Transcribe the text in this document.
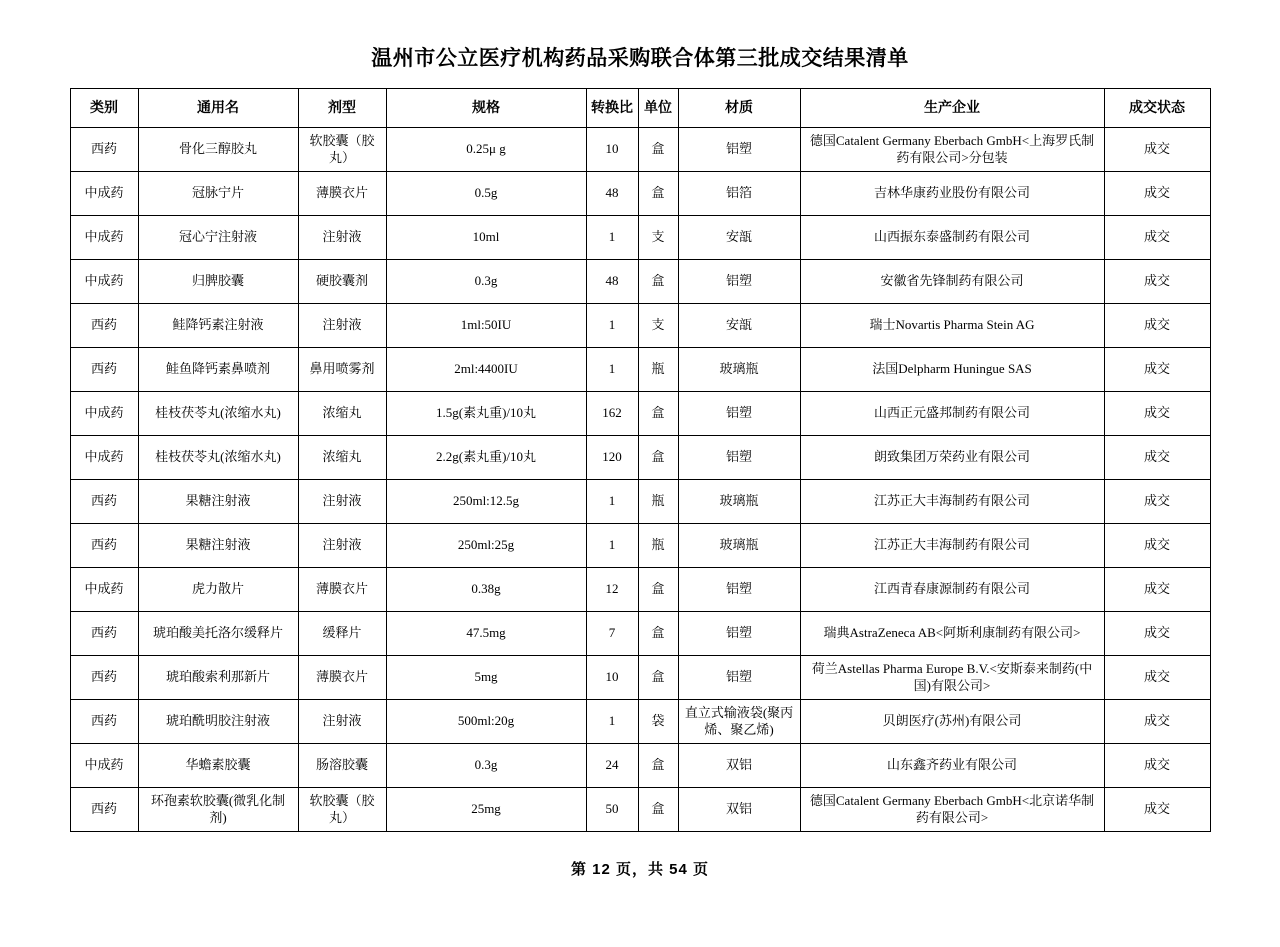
温州市公立医疗机构药品采购联合体第三批成交结果清单
类别	通用名	剂型	规格	转换比	单位	材质	生产企业	成交状态
西药	骨化三醇胶丸	软胶囊（胶丸）	0.25μ g	10	盒	铝塑	德国Catalent Germany Eberbach GmbH<上海罗氏制药有限公司>分包装	成交
中成药	冠脉宁片	薄膜衣片	0.5g	48	盒	铝箔	吉林华康药业股份有限公司	成交
中成药	冠心宁注射液	注射液	10ml	1	支	安瓿	山西振东泰盛制药有限公司	成交
中成药	归脾胶囊	硬胶囊剂	0.3g	48	盒	铝塑	安徽省先锋制药有限公司	成交
西药	鲑降钙素注射液	注射液	1ml:50IU	1	支	安瓿	瑞士Novartis Pharma Stein AG	成交
西药	鲑鱼降钙素鼻喷剂	鼻用喷雾剂	2ml:4400IU	1	瓶	玻璃瓶	法国Delpharm Huningue SAS	成交
中成药	桂枝茯苓丸(浓缩水丸)	浓缩丸	1.5g(素丸重)/10丸	162	盒	铝塑	山西正元盛邦制药有限公司	成交
中成药	桂枝茯苓丸(浓缩水丸)	浓缩丸	2.2g(素丸重)/10丸	120	盒	铝塑	朗致集团万荣药业有限公司	成交
西药	果糖注射液	注射液	250ml:12.5g	1	瓶	玻璃瓶	江苏正大丰海制药有限公司	成交
西药	果糖注射液	注射液	250ml:25g	1	瓶	玻璃瓶	江苏正大丰海制药有限公司	成交
中成药	虎力散片	薄膜衣片	0.38g	12	盒	铝塑	江西青春康源制药有限公司	成交
西药	琥珀酸美托洛尔缓释片	缓释片	47.5mg	7	盒	铝塑	瑞典AstraZeneca AB<阿斯利康制药有限公司>	成交
西药	琥珀酸索利那新片	薄膜衣片	5mg	10	盒	铝塑	荷兰Astellas Pharma Europe B.V.<安斯泰来制药(中国)有限公司>	成交
西药	琥珀酰明胶注射液	注射液	500ml:20g	1	袋	直立式输液袋(聚丙烯、聚乙烯)	贝朗医疗(苏州)有限公司	成交
中成药	华蟾素胶囊	肠溶胶囊	0.3g	24	盒	双铝	山东鑫齐药业有限公司	成交
西药	环孢素软胶囊(微乳化制剂)	软胶囊（胶丸）	25mg	50	盒	双铝	德国Catalent Germany Eberbach GmbH<北京诺华制药有限公司>	成交
第 12 页，共 54 页
